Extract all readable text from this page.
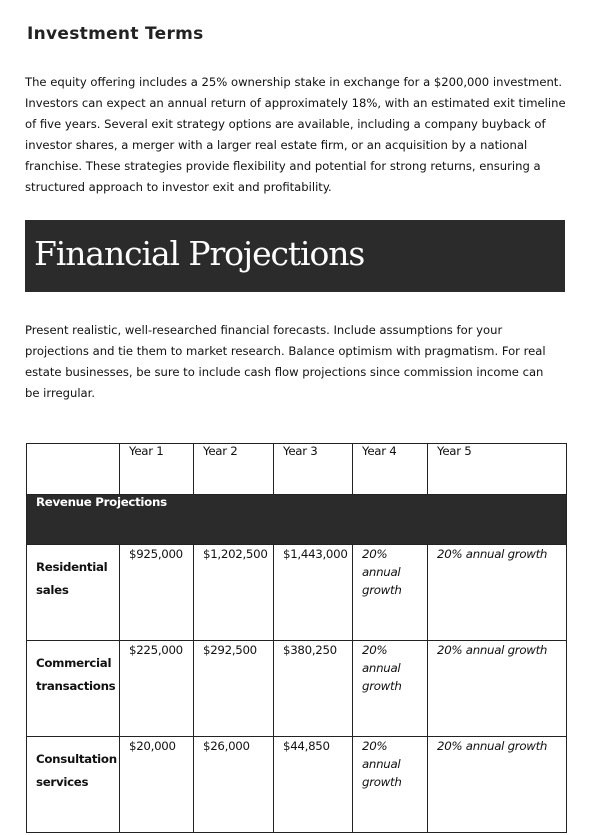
Investment Terms

The equity offering includes a 25% ownership stake in exchange for a $200,000 investment. Investors can expect an annual return of approximately 18%, with an estimated exit timeline of five years. Several exit strategy options are available, including a company buyback of investor shares, a merger with a larger real estate firm, or an acquisition by a national franchise. These strategies provide flexibility and potential for strong returns, ensuring a structured approach to investor exit and profitability.

Financial Projections

Present realistic, well-researched financial forecasts. Include assumptions for your projections and tie them to market research. Balance optimism with pragmatism. For real estate businesses, be sure to include cash flow projections since commission income can be irregular.

	Year 1	Year 2	Year 3	Year 4	Year 5
Revenue Projections					
Residential sales	$925,000	$1,202,500	$1,443,000	20% annual growth	20% annual growth
Commercial transactions	$225,000	$292,500	$380,250	20% annual growth	20% annual growth
Consultation services	$20,000	$26,000	$44,850	20% annual growth	20% annual growth
